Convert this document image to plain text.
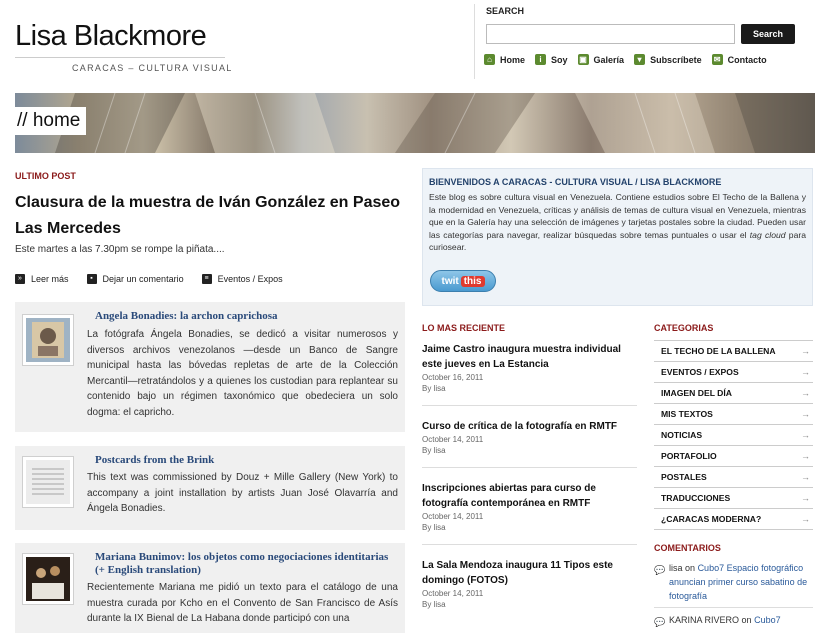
Lisa Blackmore
CARACAS – CULTURA VISUAL
SEARCH
Search
⌂ Home	i	Soy ▣ Galería	▾ Subscríbete ✉ Contacto
// home
ULTIMO POST
Clausura de la muestra de Iván González en Paseo Las Mercedes
Este martes a las 7.30pm se rompe la piñata....
»	Leer más	▪	Dejar un comentario	≡ Eventos / Expos
Angela Bonadies: la archon caprichosa
La fotógrafa Ángela Bonadies, se dedicó a visitar numerosos y diversos archivos venezolanos —desde un Banco de Sangre municipal hasta las bóvedas repletas de arte de la Colección Mercantil—retratándolos y a quienes los custodian para replantear su contenido bajo un régimen taxonómico que obedeciera un solo dogma: el capricho.
Postcards from the Brink
This text was commissioned by Douz + Mille Gallery (New York) to accompany a joint installation by artists Juan José Olavarría and Ángela Bonadies.
Mariana Bunimov: los objetos como negociaciones identitarias (+ English translation)
Recientemente Mariana me pidió un texto para el catálogo de una muestra curada por Kcho en el Convento de San Francisco de Asís durante la IX Bienal de La Habana donde participó con una
BIENVENIDOS A CARACAS - CULTURA VISUAL / LISA BLACKMORE
Este blog es sobre cultura visual en Venezuela. Contiene estudios sobre El Techo de la Ballena y la modernidad en Venezuela, críticas y análisis de temas de cultura visual en Venezuela, mientras que en la Galería hay una selección de imágenes y tarjetas postales sobre la ciudad. Pueden usar las categorías para navegar, realizar búsquedas sobre temas puntuales o usar el tag cloud para curiosear.
twit this
LO MAS RECIENTE
Jaime Castro inaugura muestra individual este jueves en La Estancia
October 16, 2011
By lisa
Curso de crítica de la fotografía en RMTF
October 14, 2011
By lisa
Inscripciones abiertas para curso de fotografía contemporánea en RMTF
October 14, 2011
By lisa
La Sala Mendoza inaugura 11 Tipos este domingo (FOTOS)
October 14, 2011
By lisa
CATEGORIAS
EL TECHO DE LA BALLENA	→
EVENTOS / EXPOS	→
IMAGEN DEL DÍA	→
MIS TEXTOS	→
NOTICIAS	→
PORTAFOLIO	→
POSTALES	→
TRADUCCIONES	→
¿CARACAS MODERNA?	→
COMENTARIOS
💬 lisa on Cubo7 Espacio fotográfico anuncian primer curso sabatino de fotografía
💬 KARINA RIVERO on Cubo7
